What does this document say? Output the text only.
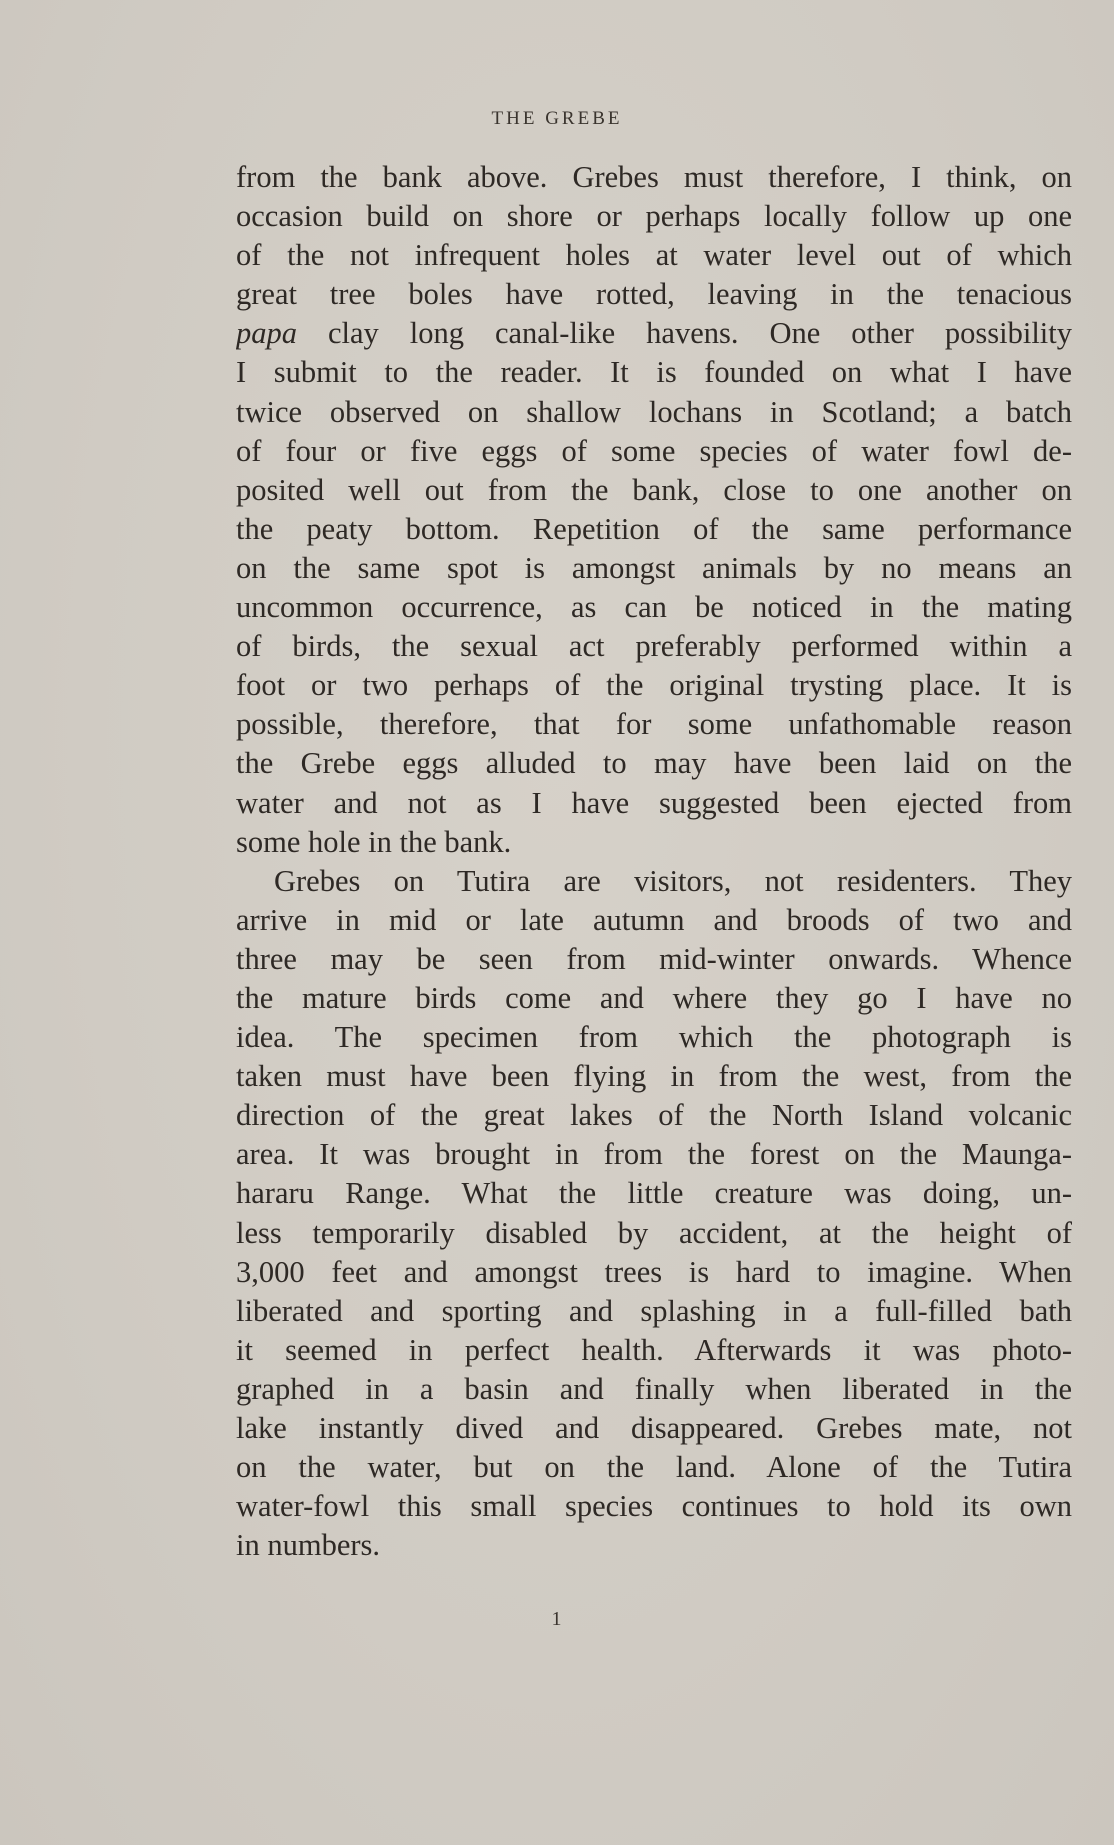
THE GREBE
from the bank above. Grebes must therefore, I think, on
occasion build on shore or perhaps locally follow up one
of the not infrequent holes at water level out of which
great tree boles have rotted, leaving in the tenacious
papa clay long canal-like havens. One other possibility
I submit to the reader. It is founded on what I have
twice observed on shallow lochans in Scotland; a batch
of four or five eggs of some species of water fowl de-
posited well out from the bank, close to one another on
the peaty bottom. Repetition of the same performance
on the same spot is amongst animals by no means an
uncommon occurrence, as can be noticed in the mating
of birds, the sexual act preferably performed within a
foot or two perhaps of the original trysting place. It is
possible, therefore, that for some unfathomable reason
the Grebe eggs alluded to may have been laid on the
water and not as I have suggested been ejected from
some hole in the bank.
Grebes on Tutira are visitors, not residenters. They
arrive in mid or late autumn and broods of two and
three may be seen from mid-winter onwards. Whence
the mature birds come and where they go I have no
idea. The specimen from which the photograph is
taken must have been flying in from the west, from the
direction of the great lakes of the North Island volcanic
area. It was brought in from the forest on the Maunga-
hararu Range. What the little creature was doing, un-
less temporarily disabled by accident, at the height of
3,000 feet and amongst trees is hard to imagine. When
liberated and sporting and splashing in a full-filled bath
it seemed in perfect health. Afterwards it was photo-
graphed in a basin and finally when liberated in the
lake instantly dived and disappeared. Grebes mate, not
on the water, but on the land. Alone of the Tutira
water-fowl this small species continues to hold its own
in numbers.
1
